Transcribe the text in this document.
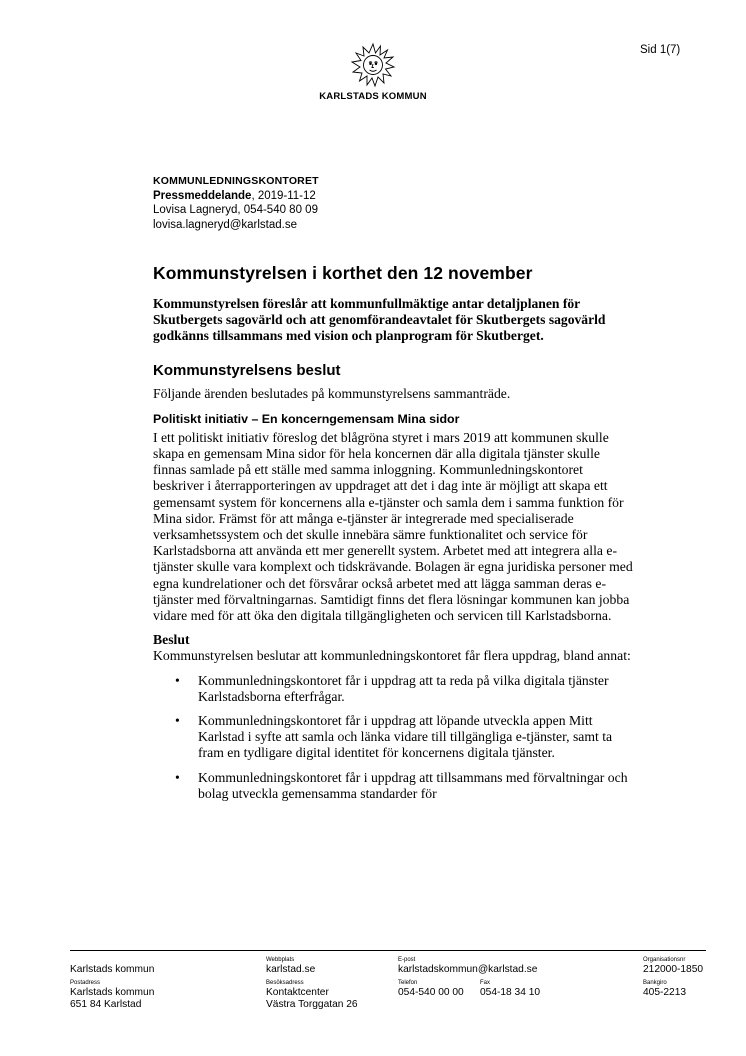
Sid 1(7)
KARLSTADS KOMMUN
KOMMUNLEDNINGSKONTORET
Pressmeddelande, 2019-11-12
Lovisa Lagneryd, 054-540 80 09
lovisa.lagneryd@karlstad.se
Kommunstyrelsen i korthet den 12 november

Kommunstyrelsen föreslår att kommunfullmäktige antar detaljplanen för Skutbergets sagovärld och att genomförandeavtalet för Skutbergets sagovärld godkänns tillsammans med vision och planprogram för Skutberget.

Kommunstyrelsens beslut

Följande ärenden beslutades på kommunstyrelsens sammanträde.

Politiskt initiativ – En koncerngemensam Mina sidor

I ett politiskt initiativ föreslog det blågröna styret i mars 2019 att kommunen skulle skapa en gemensam Mina sidor för hela koncernen där alla digitala tjänster skulle finnas samlade på ett ställe med samma inloggning. Kommunledningskontoret beskriver i återrapporteringen av uppdraget att det i dag inte är möjligt att skapa ett gemensamt system för koncernens alla e-tjänster och samla dem i samma funktion för Mina sidor. Främst för att många e-tjänster är integrerade med specialiserade verksamhetssystem och det skulle innebära sämre funktionalitet och service för Karlstadsborna att använda ett mer generellt system. Arbetet med att integrera alla e-tjänster skulle vara komplext och tidskrävande. Bolagen är egna juridiska personer med egna kundrelationer och det försvårar också arbetet med att lägga samman deras e-tjänster med förvaltningarnas. Samtidigt finns det flera lösningar kommunen kan jobba vidare med för att öka den digitala tillgängligheten och servicen till Karlstadsborna.

Beslut

Kommunstyrelsen beslutar att kommunledningskontoret får flera uppdrag, bland annat:

• Kommunledningskontoret får i uppdrag att ta reda på vilka digitala tjänster Karlstadsborna efterfrågar.
• Kommunledningskontoret får i uppdrag att löpande utveckla appen Mitt Karlstad i syfte att samla och länka vidare till tillgängliga e-tjänster, samt ta fram en tydligare digital identitet för koncernens digitala tjänster.
• Kommunledningskontoret får i uppdrag att tillsammans med förvaltningar och bolag utveckla gemensamma standarder för
Karlstads kommun
Postadress
Karlstads kommun
651 84 Karlstad
Webbplats
karlstad.se
Besöksadress
Kontaktcenter
Västra Torggatan 26
E-post
karlstadskommun@karlstad.se
Telefon
054-540 00 00
Fax
054-18 34 10
Organisationsnr
212000-1850
Bankgiro
405-2213
